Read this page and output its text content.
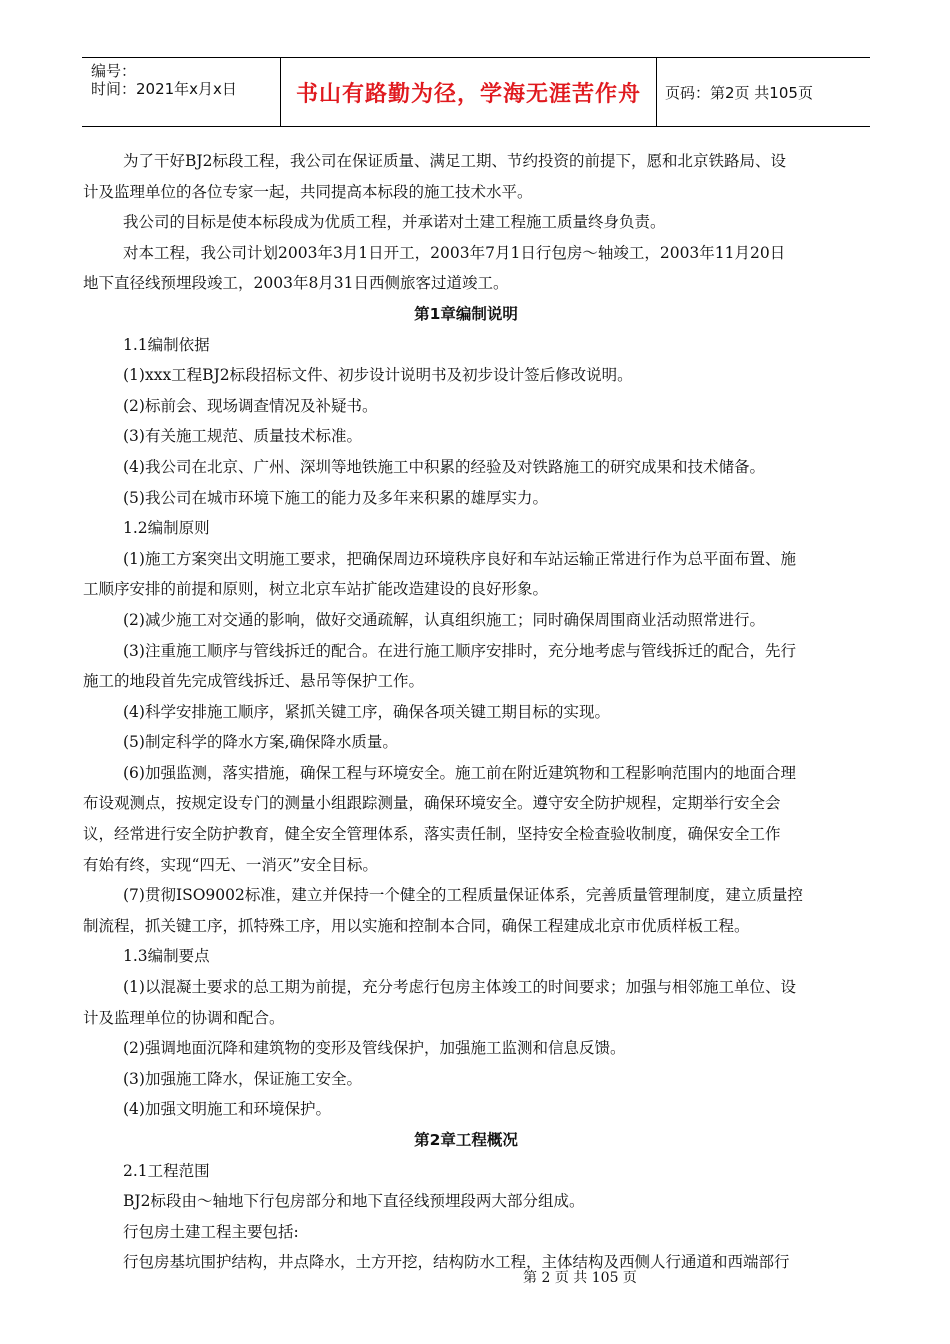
编号：
时间：2021年x月x日	书山有路勤为径，学海无涯苦作舟	页码：第2页 共105页

为了干好BJ2标段工程，我公司在保证质量、满足工期、节约投资的前提下，愿和北京铁路局、设

计及监理单位的各位专家一起，共同提高本标段的施工技术水平。

我公司的目标是使本标段成为优质工程，并承诺对土建工程施工质量终身负责。

对本工程，我公司计划2003年3月1日开工，2003年7月1日行包房～轴竣工，2003年11月20日

地下直径线预埋段竣工，2003年8月31日西侧旅客过道竣工。

第1章编制说明

1.1编制依据

(1)xxx工程BJ2标段招标文件、初步设计说明书及初步设计签后修改说明。

(2)标前会、现场调查情况及补疑书。

(3)有关施工规范、质量技术标准。

(4)我公司在北京、广州、深圳等地铁施工中积累的经验及对铁路施工的研究成果和技术储备。

(5)我公司在城市环境下施工的能力及多年来积累的雄厚实力。

1.2编制原则

(1)施工方案突出文明施工要求，把确保周边环境秩序良好和车站运输正常进行作为总平面布置、施

工顺序安排的前提和原则，树立北京车站扩能改造建设的良好形象。

(2)减少施工对交通的影响，做好交通疏解，认真组织施工；同时确保周围商业活动照常进行。

(3)注重施工顺序与管线拆迁的配合。在进行施工顺序安排时，充分地考虑与管线拆迁的配合，先行

施工的地段首先完成管线拆迁、悬吊等保护工作。

(4)科学安排施工顺序，紧抓关键工序，确保各项关键工期目标的实现。

(5)制定科学的降水方案,确保降水质量。

(6)加强监测，落实措施，确保工程与环境安全。施工前在附近建筑物和工程影响范围内的地面合理

布设观测点，按规定设专门的测量小组跟踪测量，确保环境安全。遵守安全防护规程，定期举行安全会

议，经常进行安全防护教育，健全安全管理体系，落实责任制，坚持安全检查验收制度，确保安全工作

有始有终，实现“四无、一消灭”安全目标。

(7)贯彻ISO9002标准，建立并保持一个健全的工程质量保证体系，完善质量管理制度，建立质量控

制流程，抓关键工序，抓特殊工序，用以实施和控制本合同，确保工程建成北京市优质样板工程。

1.3编制要点

(1)以混凝土要求的总工期为前提，充分考虑行包房主体竣工的时间要求；加强与相邻施工单位、设

计及监理单位的协调和配合。

(2)强调地面沉降和建筑物的变形及管线保护，加强施工监测和信息反馈。

(3)加强施工降水，保证施工安全。

(4)加强文明施工和环境保护。

第2章工程概况

2.1工程范围

BJ2标段由～轴地下行包房部分和地下直径线预埋段两大部分组成。

行包房土建工程主要包括:

行包房基坑围护结构，井点降水，土方开挖，结构防水工程，主体结构及西侧人行通道和西端部行

第 2 页 共 105 页
